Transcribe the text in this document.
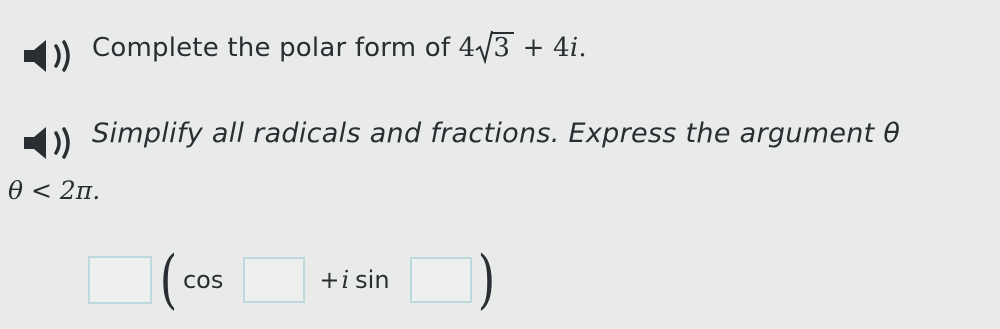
Complete the polar form of 4 3 + 4i.
Simplify all radicals and fractions. Express the argument θ
θ < 2π.
( cos	+ i sin )
